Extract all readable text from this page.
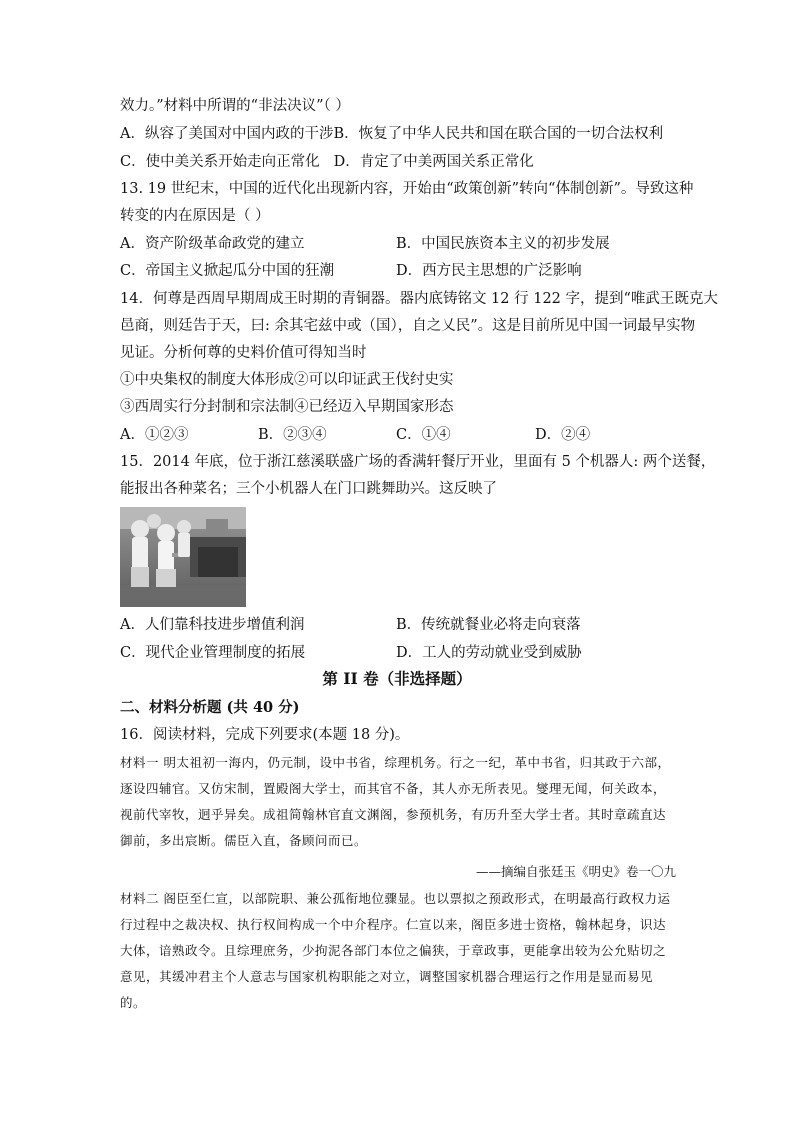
效力。”材料中所谓的“非法决议”（ ）
A．纵容了美国对中国内政的干涉B．恢复了中华人民共和国在联合国的一切合法权利
C．使中美关系开始走向正常化 D．肯定了中美两国关系正常化
13. 19 世纪末，中国的近代化出现新内容，开始由“政策创新”转向“体制创新”。导致这种
转变的内在原因是（ ）
A．资产阶级革命政党的建立	B．中国民族资本主义的初步发展
C．帝国主义掀起瓜分中国的狂潮	D．西方民主思想的广泛影响
14．何尊是西周早期周成王时期的青铜器。器内底铸铭文 12 行 122 字，提到“唯武王既克大
邑商，则廷告于天，曰: 余其宅兹中或（国），自之乂民”。这是目前所见中国一词最早实物
见证。分析何尊的史料价值可得知当时
①中央集权的制度大体形成②可以印证武王伐纣史实
③西周实行分封制和宗法制④已经迈入早期国家形态
A．①②③	B．②③④	C．①④	D．②④
15．2014 年底，位于浙江慈溪联盛广场的香满轩餐厅开业，里面有 5 个机器人: 两个送餐，
能报出各种菜名；三个小机器人在门口跳舞助兴。这反映了
A．人们靠科技进步增值利润	B．传统就餐业必将走向衰落
C．现代企业管理制度的拓展	D．工人的劳动就业受到威胁
第 II 卷（非选择题）
二、材料分析题 (共 40 分)
16．阅读材料，完成下列要求(本题 18 分)。
材料一 明太祖初一海内，仍元制，设中书省，综理机务。行之一纪，革中书省，归其政于六部，逐设四辅官。又仿宋制，置殿阁大学士，而其官不备，其人亦无所表见。燮理无闻，何关政本，视前代宰牧，迥乎异矣。成祖简翰林官直文渊阁，参预机务，有历升至大学士者。其时章疏直达御前，多出宸断。儒臣入直，备顾问而已。
——摘编自张廷玉《明史》卷一〇九
材料二 阁臣至仁宣，以部院职、兼公孤衔地位骤显。也以票拟之预政形式，在明最高行政权力运行过程中之裁决权、执行权间构成一个中介程序。仁宣以来，阁臣多进士资格，翰林起身，识达大体，谙熟政令。且综理庶务，少拘泥各部门本位之偏狭，于章政事，更能拿出较为公允贴切之意见，其缓冲君主个人意志与国家机构职能之对立，调整国家机器合理运行之作用是显而易见的。
